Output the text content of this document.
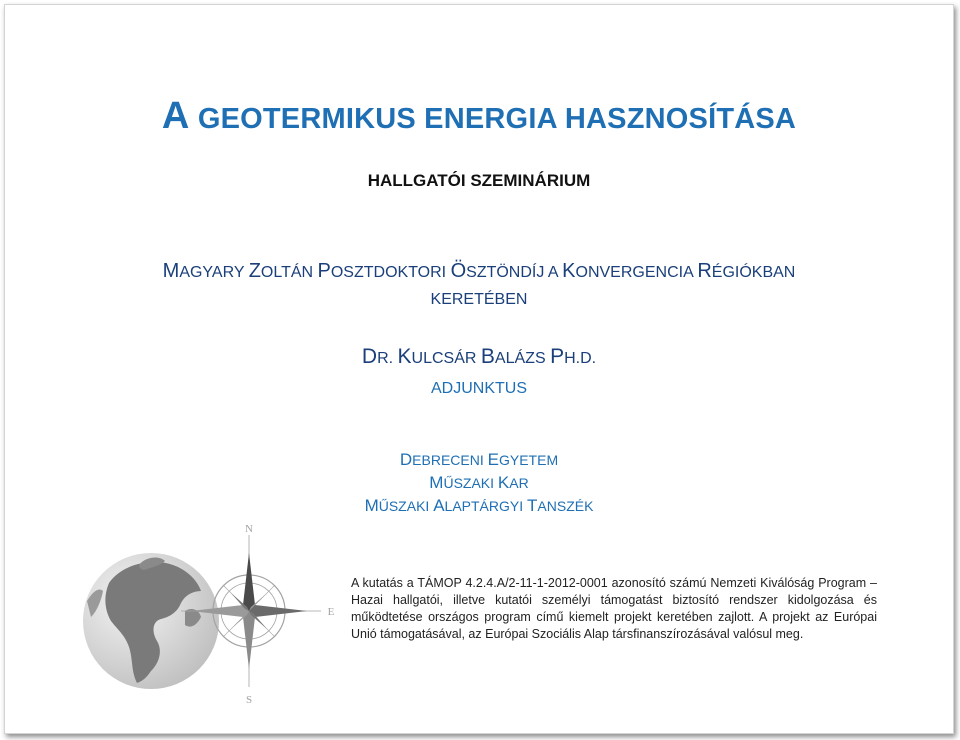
A GEOTERMIKUS ENERGIA HASZNOSÍTÁSA
HALLGATÓI SZEMINÁRIUM
MAGYARY ZOLTÁN POSZTDOKTORI ÖSZTÖNDÍJ A KONVERGENCIA RÉGIÓKBAN
KERETÉBEN
DR. KULCSÁR BALÁZS PH.D.
ADJUNKTUS
DEBRECENI EGYETEM
MŰSZAKI KAR
MŰSZAKI ALAPTÁRGYI TANSZÉK
N
E
S
A kutatás a TÁMOP 4.2.4.A/2-11-1-2012-0001 azonosító számú Nemzeti Kiválóság Program – Hazai hallgatói, illetve kutatói személyi támogatást biztosító rendszer kidolgozása és működtetése országos program című kiemelt projekt keretében zajlott. A projekt az Európai Unió támogatásával, az Európai Szociális Alap társfinanszírozásával valósul meg.
